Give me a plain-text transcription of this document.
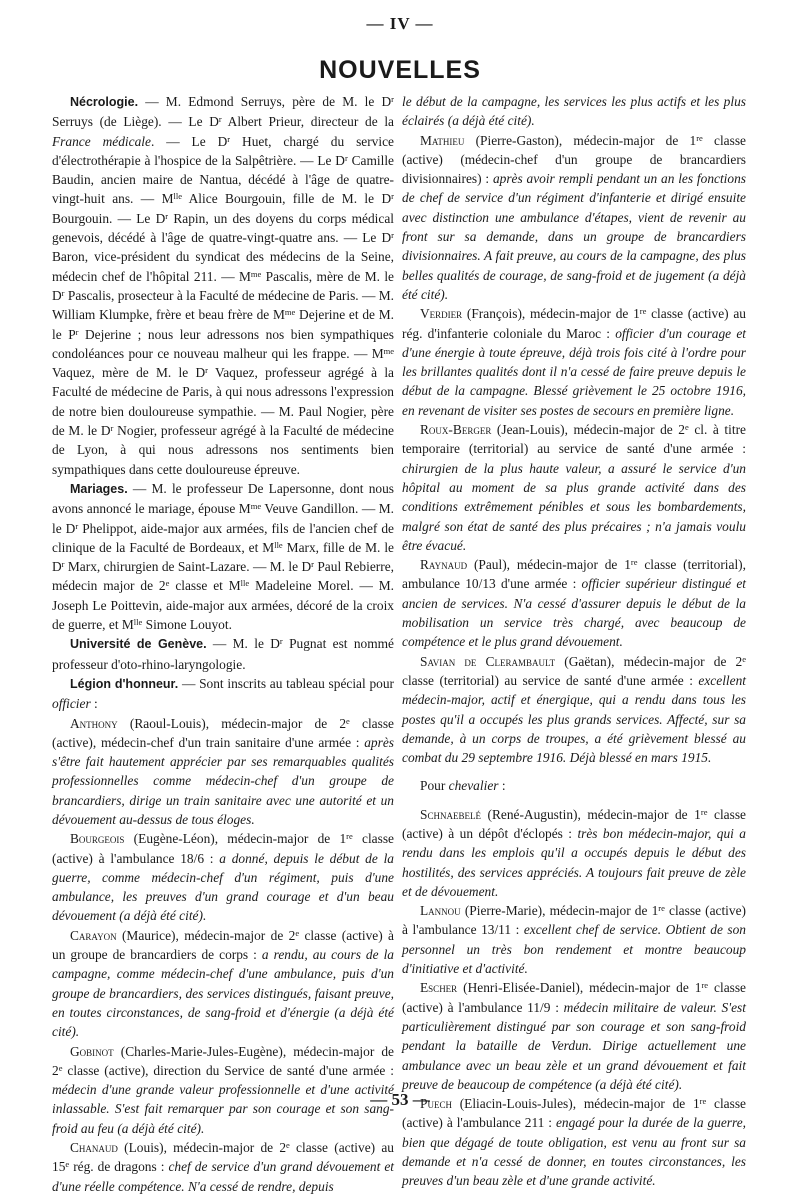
— IV —
NOUVELLES

Nécrologie. — M. Edmond Serruys, père de M. le $D^r$ Serruys (de Liège). — Le $D^r$ Albert Prieur, directeur de la France médicale. — Le $D^r$ Huet, chargé du service d'électrothérapie à l'hospice de la Salpêtrière. — Le $D^r$ Camille Baudin, ancien maire de Nantua, décédé à l'âge de quatre-vingt-huit ans. — $M^{lle}$ Alice Bourgouin, fille de M. le $D^r$ Bourgouin. — Le $D^r$ Rapin, un des doyens du corps médical genevois, décédé à l'âge de quatre-vingt-quatre ans. — Le $D^r$ Baron, vice-président du syndicat des médecins de la Seine, médecin chef de l'hôpital 211. — $M^{me}$ Pascalis, mère de M. le $D^r$ Pascalis, prosecteur à la Faculté de médecine de Paris. — M. William Klumpke, frère et beau frère de $M^{me}$ Dejerine et de M. le $P^r$ Dejerine ; nous leur adressons nos bien sympathiques condoléances pour ce nouveau malheur qui les frappe. — $M^{me}$ Vaquez, mère de M. le $D^r$ Vaquez, professeur agrégé à la Faculté de médecine de Paris, à qui nous adressons l'expression de notre bien douloureuse sympathie. — M. Paul Nogier, père de M. le $D^r$ Nogier, professeur agrégé à la Faculté de médecine de Lyon, à qui nous adressons nos sentiments bien sympathiques dans cette douloureuse épreuve.

Mariages. — M. le professeur De Lapersonne, dont nous avons annoncé le mariage, épouse $M^{me}$ Veuve Gandillon. — M. le $D^r$ Phelippot, aide-major aux armées, fils de l'ancien chef de clinique de la Faculté de Bordeaux, et $M^{lle}$ Marx, fille de M. le $D^r$ Marx, chirurgien de Saint-Lazare. — M. le $D^r$ Paul Rebierre, médecin major de 2e classe et $M^{lle}$ Madeleine Morel. — M. Joseph Le Poittevin, aide-major aux armées, décoré de la croix de guerre, et $M^{lle}$ Simone Louyot.

Université de Genève. — M. le $D^r$ Pugnat est nommé professeur d'oto-rhino-laryngologie.

Légion d'honneur. — Sont inscrits au tableau spécial pour officier :

Anthony (Raoul-Louis), médecin-major de 2e classe (active), médecin-chef d'un train sanitaire d'une armée : après s'être fait hautement apprécier par ses remarquables qualités professionnelles comme médecin-chef d'un groupe de brancardiers, dirige un train sanitaire avec une autorité et un dévouement au-dessus de tous éloges.

Bourgeois (Eugène-Léon), médecin-major de 1re classe (active) à l'ambulance 18/6 : a donné, depuis le début de la guerre, comme médecin-chef d'un régiment, puis d'une ambulance, les preuves d'un grand courage et d'un beau dévouement (a déjà été cité).

Carayon (Maurice), médecin-major de 2e classe (active) à un groupe de brancardiers de corps : a rendu, au cours de la campagne, comme médecin-chef d'une ambulance, puis d'un groupe de brancardiers, des services distingués, faisant preuve, en toutes circonstances, de sang-froid et d'énergie (a déjà été cité).

Gobinot (Charles-Marie-Jules-Eugène), médecin-major de 2e classe (active), direction du Service de santé d'une armée : médecin d'une grande valeur professionnelle et d'une activité inlassable. S'est fait remarquer par son courage et son sang-froid au feu (a déjà été cité).

Chanaud (Louis), médecin-major de 2e classe (active) au 15e rég. de dragons : chef de service d'un grand dévouement et d'une réelle compétence. N'a cessé de rendre, depuis

le début de la campagne, les services les plus actifs et les plus éclairés (a déjà été cité).

Mathieu (Pierre-Gaston), médecin-major de 1re classe (active) (médecin-chef d'un groupe de brancardiers divisionnaires) : après avoir rempli pendant un an les fonctions de chef de service d'un régiment d'infanterie et dirigé ensuite avec distinction une ambulance d'étapes, vient de revenir au front sur sa demande, dans un groupe de brancardiers divisionnaires. A fait preuve, au cours de la campagne, des plus belles qualités de courage, de sang-froid et de jugement (a déjà été cité).

Verdier (François), médecin-major de 1re classe (active) au rég. d'infanterie coloniale du Maroc : officier d'un courage et d'une énergie à toute épreuve, déjà trois fois cité à l'ordre pour les brillantes qualités dont il n'a cessé de faire preuve depuis le début de la campagne. Blessé grièvement le 25 octobre 1916, en revenant de visiter ses postes de secours en première ligne.

Roux-Berger (Jean-Louis), médecin-major de 2e cl. à titre temporaire (territorial) au service de santé d'une armée : chirurgien de la plus haute valeur, a assuré le service d'un hôpital au moment de sa plus grande activité dans des conditions extrêmement pénibles et sous les bombardements, malgré son état de santé des plus précaires ; n'a jamais voulu être évacué.

Raynaud (Paul), médecin-major de 1re classe (territorial), ambulance 10/13 d'une armée : officier supérieur distingué et ancien de services. N'a cessé d'assurer depuis le début de la mobilisation un service très chargé, avec beaucoup de compétence et le plus grand dévouement.

Savian de Clerambault (Gaëtan), médecin-major de 2e classe (territorial) au service de santé d'une armée : excellent médecin-major, actif et énergique, qui a rendu dans tous les postes qu'il a occupés les plus grands services. Affecté, sur sa demande, à un corps de troupes, a été grièvement blessé au combat du 29 septembre 1916. Déjà blessé en mars 1915.

Pour chevalier :

Schnaebelé (René-Augustin), médecin-major de 1re classe (active) à un dépôt d'éclopés : très bon médecin-major, qui a rendu dans les emplois qu'il a occupés depuis le début des hostilités, des services appréciés. A toujours fait preuve de zèle et de dévouement.

Lannou (Pierre-Marie), médecin-major de 1re classe (active) à l'ambulance 13/11 : excellent chef de service. Obtient de son personnel un très bon rendement et montre beaucoup d'initiative et d'activité.

Escher (Henri-Elisée-Daniel), médecin-major de 1re classe (active) à l'ambulance 11/9 : médecin militaire de valeur. S'est particulièrement distingué par son courage et son sang-froid pendant la bataille de Verdun. Dirige actuellement une ambulance avec un beau zèle et un grand dévouement et fait preuve de beaucoup de compétence (a déjà été cité).

Puech (Eliacin-Louis-Jules), médecin-major de 1re classe (active) à l'ambulance 211 : engagé pour la durée de la guerre, bien que dégagé de toute obligation, est venu au front sur sa demande et n'a cessé de donner, en toutes circonstances, les preuves d'un beau zèle et d'une grande activité.

— 53 —
